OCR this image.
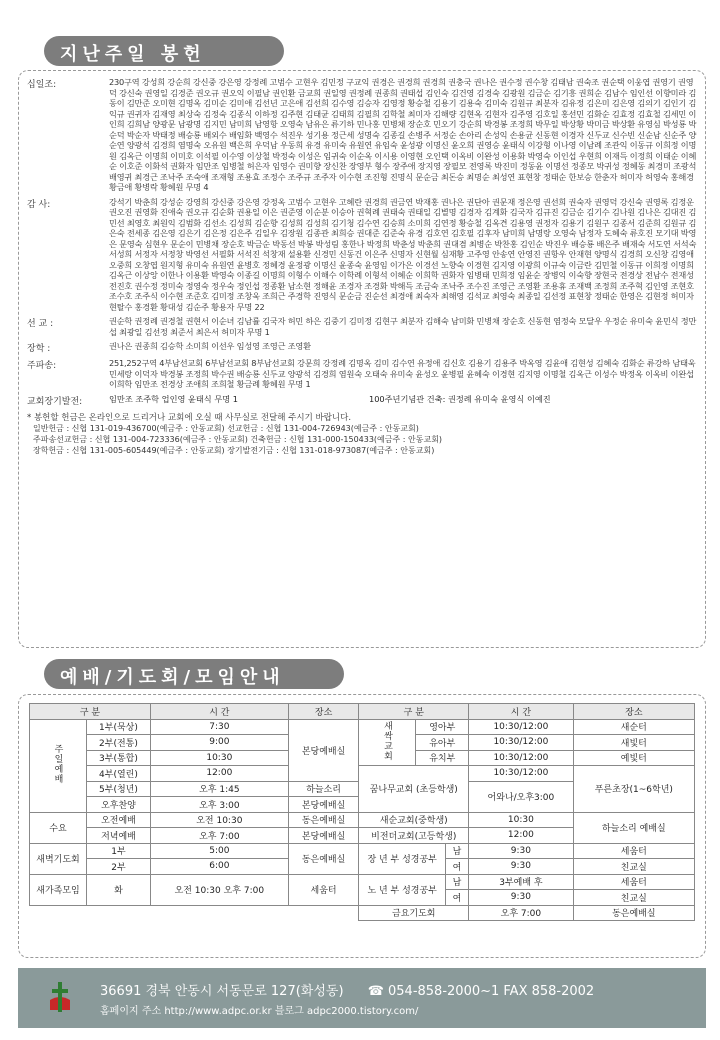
지난주일 봉헌
십일조:	230구역 강성희 강순희 강신중 강은영 강정례 고범수 고현우 김민정 구교익 권경은 권경희 권경희 권충국 권나은 권수정 권수창 김태남 권숙조 권순택 이웅엽 권영기 권영덕 강신숙 권영일 김경준 권오규 권오익 이필남 권인환 금교희 권일영 권정례 권종희 권태섭 김인숙 김건영 김경숙 김광원 김금순 김기흥 권희순 김남수 임인선 이향미라 김동이 김만준 오미현 김명옥 김미순 김미애 김선년 고은애 김선희 김수영 김승자 김영정 황승철 김용기 김용숙 김미숙 김원규 최분자 김유정 김은미 김은영 김의기 김인기 김익규 권귀자 김재영 최상숙 김정숙 김종식 이하정 김주현 김태균 김태희 김필희 김학철 최미자 김해량 김현옥 김현자 김주영 김호일 홍선민 김화순 김효정 김효철 김세민 이인희 김희남 양광문 남광명 김지민 남미희 남영항 오영숙 남유은 류기하 민나홍 민병채 장순호 민오기 강순희 박경봉 조정희 박무일 박상황 박미금 박상환 유영심 박성룡 박순덕 박순자 박태정 배승룡 배외수 배임화 백영수 석진우 성기용 정근세 성명숙 김종길 손병주 서정순 손아리 손성익 손용균 신동현 이경자 신두교 신수빈 신순남 신순주 양순연 양광석 김경희 염명숙 오유원 백은희 우덕남 우동희 유경 유미숙 유원연 유임숙 윤성광 이명신 윤오희 권영승 윤태식 이강형 이나영 이남례 조관익 이동규 이희정 이명원 김옥근 이명희 이미호 이석필 이수영 이상철 박정숙 이성은 임귀숙 이순옥 이시용 이영현 오인택 이옥비 이완성 이용화 박영숙 이인섭 우현희 이재득 이정희 이태순 이혜순 이호준 이화석 권화자 임만조 임병철 허은자 임영수 권미향 장신찬 장영부 형수 장주애 장지영 장필모 전영록 박진미 정동윤 이명선 정종모 박귀성 정혜동 최경미 조광석 배영귀 최경근 조낙주 조숙애 조재형 조용효 조정수 조주규 조주자 이수현 조진형 진명식 문순금 최돈승 최명순 최성연 표현창 정태순 한보승 한춘자 허미자 허영숙 홍해경 황금애 황병락 황혜원 무명 4
감 사:	강석기 박춘희 강성순 강영희 강신중 강은영 강정옥 고범수 고현우 고혜란 권경희 권금연 박재홍 권나은 권단아 권문재 정은영 권선희 권숙자 권영덕 강신숙 권영록 김정운 권오진 권영화 진애숙 권오규 김순화 권용일 이은 권준영 이순분 이승아 권혁례 권태숙 권태일 김별명 김경자 김계화 김국자 김규진 김금순 김기수 김나원 김나은 김대진 김민선 최영호 최원익 김범화 김선소 김성희 김순향 김성희 김성희 김기청 김수연 김승희 소미희 김연정 황승철 김옥견 김용영 권정자 김용기 김원구 김종서 김준희 김원규 김은숙 전세종 김은영 김은기 김은정 김은주 김일우 김장원 김종관 최희승 권대준 김준숙 유경 김호연 김호필 김후자 남미희 남명랑 오영숙 남정자 도혜숙 류호진 모기대 박영은 문영숙 심현우 문순이 민병채 장순호 박금순 박동선 박봉 박성림 홍한나 박정희 박춘성 박춘희 권대겸 최병순 박찬홍 김인순 박진우 배승룡 배은주 배재숙 서도연 서석숙 서성희 서정자 서정창 박영선 서필화 서석진 석창재 설용환 신경민 신동건 이은주 신명자 신현월 심재황 고주영 안송연 안영진 권항우 안재현 양명식 김경희 오신창 김영애 오중희 오창엽 원지형 유미숙 유원연 윤병호 정혜경 윤정광 이명신 윤종숙 윤영임 이가은 이경선 노향숙 이경현 김지영 이광희 이규숙 이금란 김민철 이동규 이희정 이명희 김옥근 이상앙 이한나 이용환 박영숙 이종길 이명희 이형수 이해수 이학례 이형석 이혜순 이희학 권화자 임병태 민희정 임윤순 장병익 이숙향 장현국 전경상 전남수 전재성 전진호 권수정 정미숙 정영숙 정우숙 정인섭 정종환 남소현 정해윤 조경자 조경화 박해득 조금숙 조낙주 조수진 조영근 조영환 조용휴 조재백 조정희 조주혁 김인영 조현호 조수호 조주식 이수현 조준호 김미정 조창욱 조희근 주경학 진영식 문순금 진순선 최경애 최숙자 최해영 김석교 최영숙 최종일 김선정 표현창 정태순 한영은 김현정 허미자 현탈수 홍경환 황대성 김순주 황용자 무명 22
선 교 :	권순학 권정례 권경철 권현서 이순녀 김남률 김국자 허민 하은 김중기 김미정 김현구 최분자 김해숙 남미화 민병채 장순호 신동현 염정숙 모달우 우정순 유미숙 윤민식 정만섭 최광일 김선정 최준서 최은서 허미자 무명 1
장학 :	권나은 권종희 김승학 소미희 이선우 임성영 조영근 조영환
주파송:	251,252구역 4부남선교회 6부남선교회 8부남선교회 강문희 강정례 김명옥 김미 김수연 유정애 김신호 김용기 김용주 박옥영 김윤애 김현성 김혜숙 김화순 류강하 남태욱 민세랑 이덕자 박경봉 조정희 박수권 배승룡 신두교 양광석 김경희 염원숙 오태숙 유미숙 윤성오 윤병필 윤혜숙 이경현 김지영 이명철 김옥근 이성수 박정옥 이옥비 이완섭 이희학 임만조 전경상 조애희 조희철 황금례 황혜원 무명 1
교회장기발전:	임만조 조주학 업인영 윤태식 무명 1	100주년기념관 건축: 권정례 유미숙 윤영식 이예진
* 봉헌할 헌금은 온라인으로 드리거나 교회에 오실 때 사무실로 전달해 주시기 바랍니다.
일반헌금 : 신협 131-019-436700(예금주 : 안동교회) 선교헌금 : 신협 131-004-726943(예금주 : 안동교회)
주파송선교헌금 : 신협 131-004-723336(예금주 : 안동교회) 건축헌금 : 신협 131-000-150433(예금주 : 안동교회)
장학헌금 : 신협 131-005-605449(예금주 : 안동교회) 장기발전기금 : 신협 131-018-973087(예금주 : 안동교회)
예배/기도회/모임안내
구 분		시 간	장소	구 분			시 간	장소
주일예배	1부(묵상)	7:30	본당예배실	새싹교회	영아부		10:30/12:00	새순터
	2부(전통)	9:00			유아부		10:30/12:00	새빛터
	3부(통합)	10:30			유치부		10:30/12:00	예빛터
	4부(열린)	12:00		꿈나무교회 (초등학생)			10:30/12:00	푸른초장(1~6학년)
	5부(청년)	오후 1:45	하늘소리				어와나/오후3:00	
	오후찬양	오후 3:00	본당예배실					
수요	오전예배	오전 10:30	동은예배실	새순교회(중학생)			10:30	하늘소리 예배실
	저녁예배	오후 7:00	본당예배실	비전더교회(고등학생)			12:00	
새벽기도회	1부	5:00	동은예배실	장 년 부 성경공부		남	9:30	세움터
	2부	6:00				여	9:30	친교실
새가족모임	화	오전 10:30 오후 7:00	세움터	노 년 부 성경공부		남	3부예배 후	세움터
						여	9:30	친교실
				금요기도회			오후 7:00	동은예배실
36691 경북 안동시 서동문로 127(화성동) ☎ 054-858-2000~1 FAX 858-2002
홈페이지 주소 http://www.adpc.or.kr 블로그 adpc2000.tistory.com/
